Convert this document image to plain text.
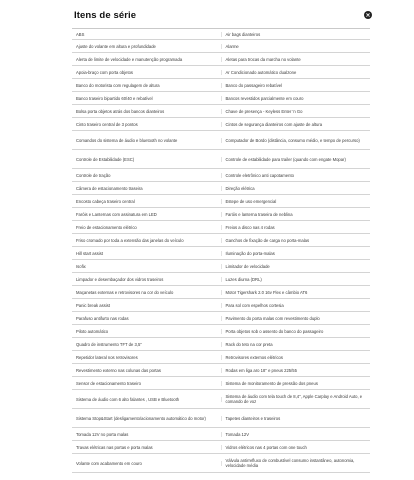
Itens de série
ABS	Air bags dianteiros
Ajuste do volante em altura e profundidade	Alarme
Alerta de limite de velocidade e manutenção programada	Aletas para trocas da marcha no volante
Apoia-braço com porta objetos	Ar Condicionado automático dualzone
Banco do motorista com regulagem de altura	Banco do passageiro rebatível
Banco traseiro bipartido 60/40 e rebatível	Bancos revestidos parcialmente em couro
Bolsa porta objetos atrás dos bancos dianteiros	Chave de presença - Keyless Enter 'n Go
Cinto traseiro central de 3 pontos	Cintos de segurança dianteiros com ajuste de altura
Comandos do sistema de áudio e bluetooth no volante	Computador de Bordo (distância, consumo médio, e tempo de percurso)
Controle de Estabilidade (ESC)	Controle de estabilidade para trailer (quando com engate Mopar)
Controle de tração	Controle eletrônico anti capotamento
Câmera de estacionamento traseira	Direção elétrica
Encosto cabeça traseiro central	Estepe de uso emergencial
Faróis e Lanternas com assinatura em LED	Faróis e lanterna traseira de neblina
Freio de estacionamento elétrico	Freios a disco nas 4 rodas
Friso cromado por toda a extensão das janelas do veículo	Ganchos de fixação de carga no porta-malas
Hill start assist	Iluminação do porta-malas
Isofix	Limitador de velocidade
Limpador e desembaçador dos vidros traseiros	Luzes diurna (DRL)
Maçanetas externas e retrovisores na cor do veículo	Motor Tigershark 2.0 16v Flex e câmbio AT6
Panic break assist	Para sol com espelhos cortesia
Parafuso antifurto nas rodas	Pavimento do porta malas com revestimento duplo
Piloto automático	Porta objetos sob o assento do banco do passageiro
Quadro de instrumento TFT de 3,5''	Rack do teto na cor preta
Repetidor lateral nos retrovisores	Retrovisores externos elétricos
Revestimento externo nas colunas das portas	Rodas em liga aro 18'' e pneus 225/55
Sensor de estacionamento traseiro	Sistema de monitoramento de pressão dos pneus
Sistema de áudio com 6 alto falantes , USB e Bluetooth	Sistema de áudio com tela touch de 8,4'', Apple Carplay e Android Auto, e comando de voz
Sistema Stop&Start (desligamento/acionamento automático do motor)	Tapetes dianteiros e traseiros
Tomada 12V no porta malas	Tomada 12V
Travas elétricas nas portas e porta malas	Vidros elétricos nas 4 portas com one touch
Volante com acabamento em couro	Válvula antirrefluxo de combustível consumo instantâneo, autonomia, velocidade média
